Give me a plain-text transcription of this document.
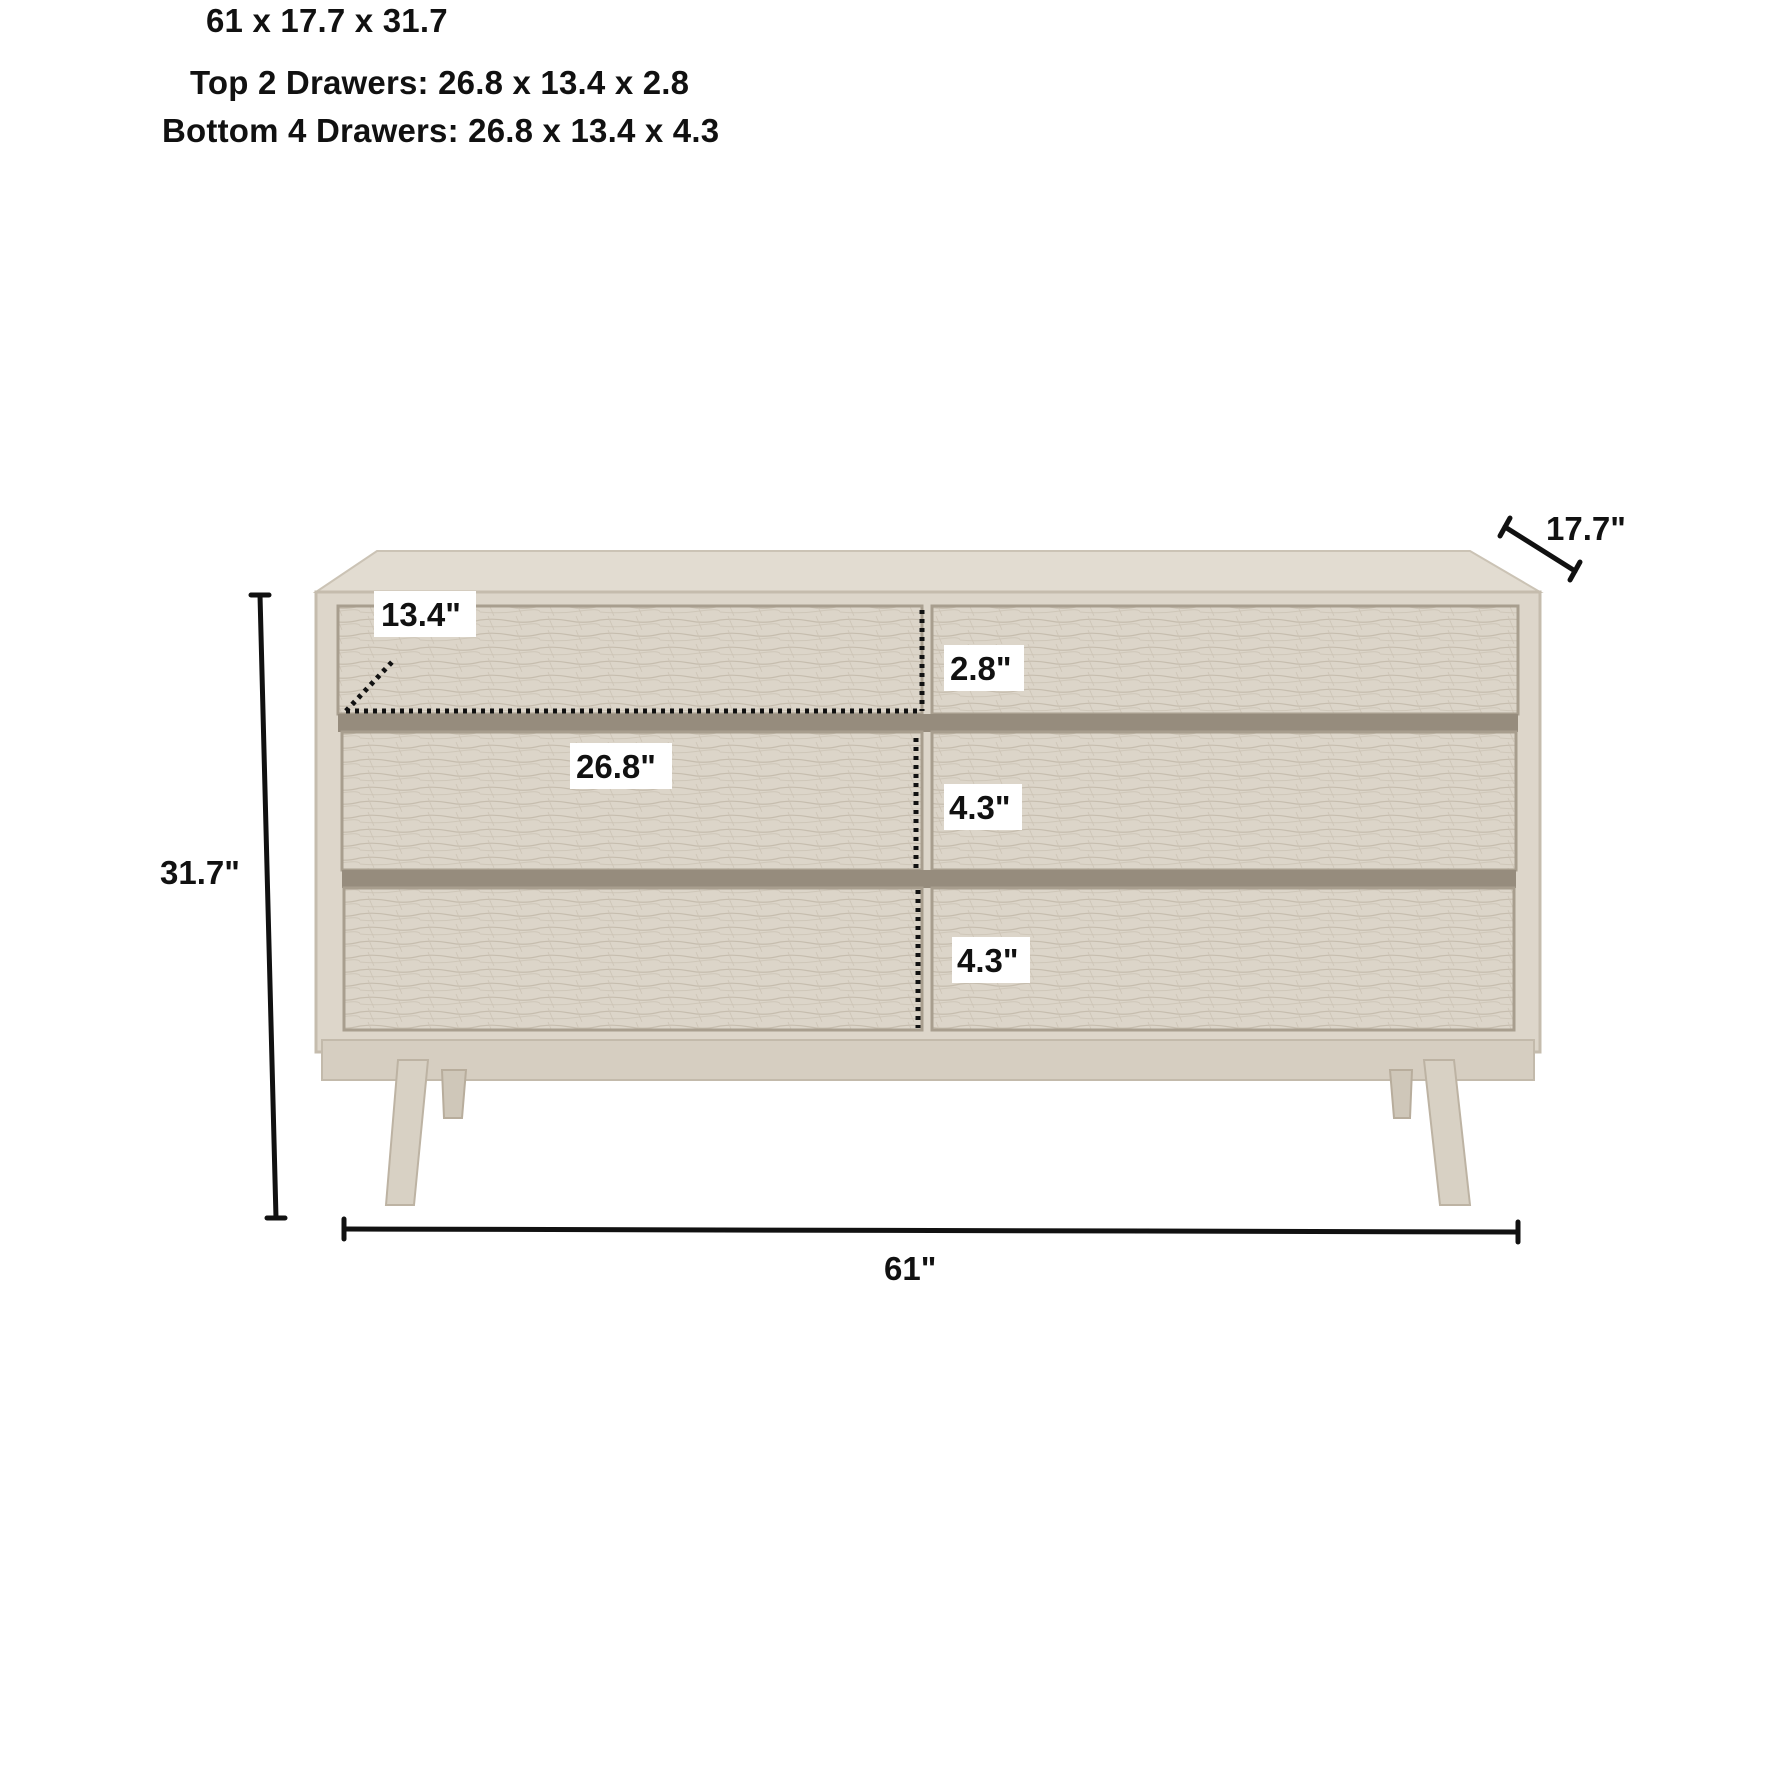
61 x 17.7 x 31.7
Top 2 Drawers: 26.8 x 13.4 x 2.8
Bottom 4 Drawers: 26.8 x 13.4 x 4.3
13.4"
2.8"
26.8"
4.3"
4.3"
31.7"
61"
17.7"
